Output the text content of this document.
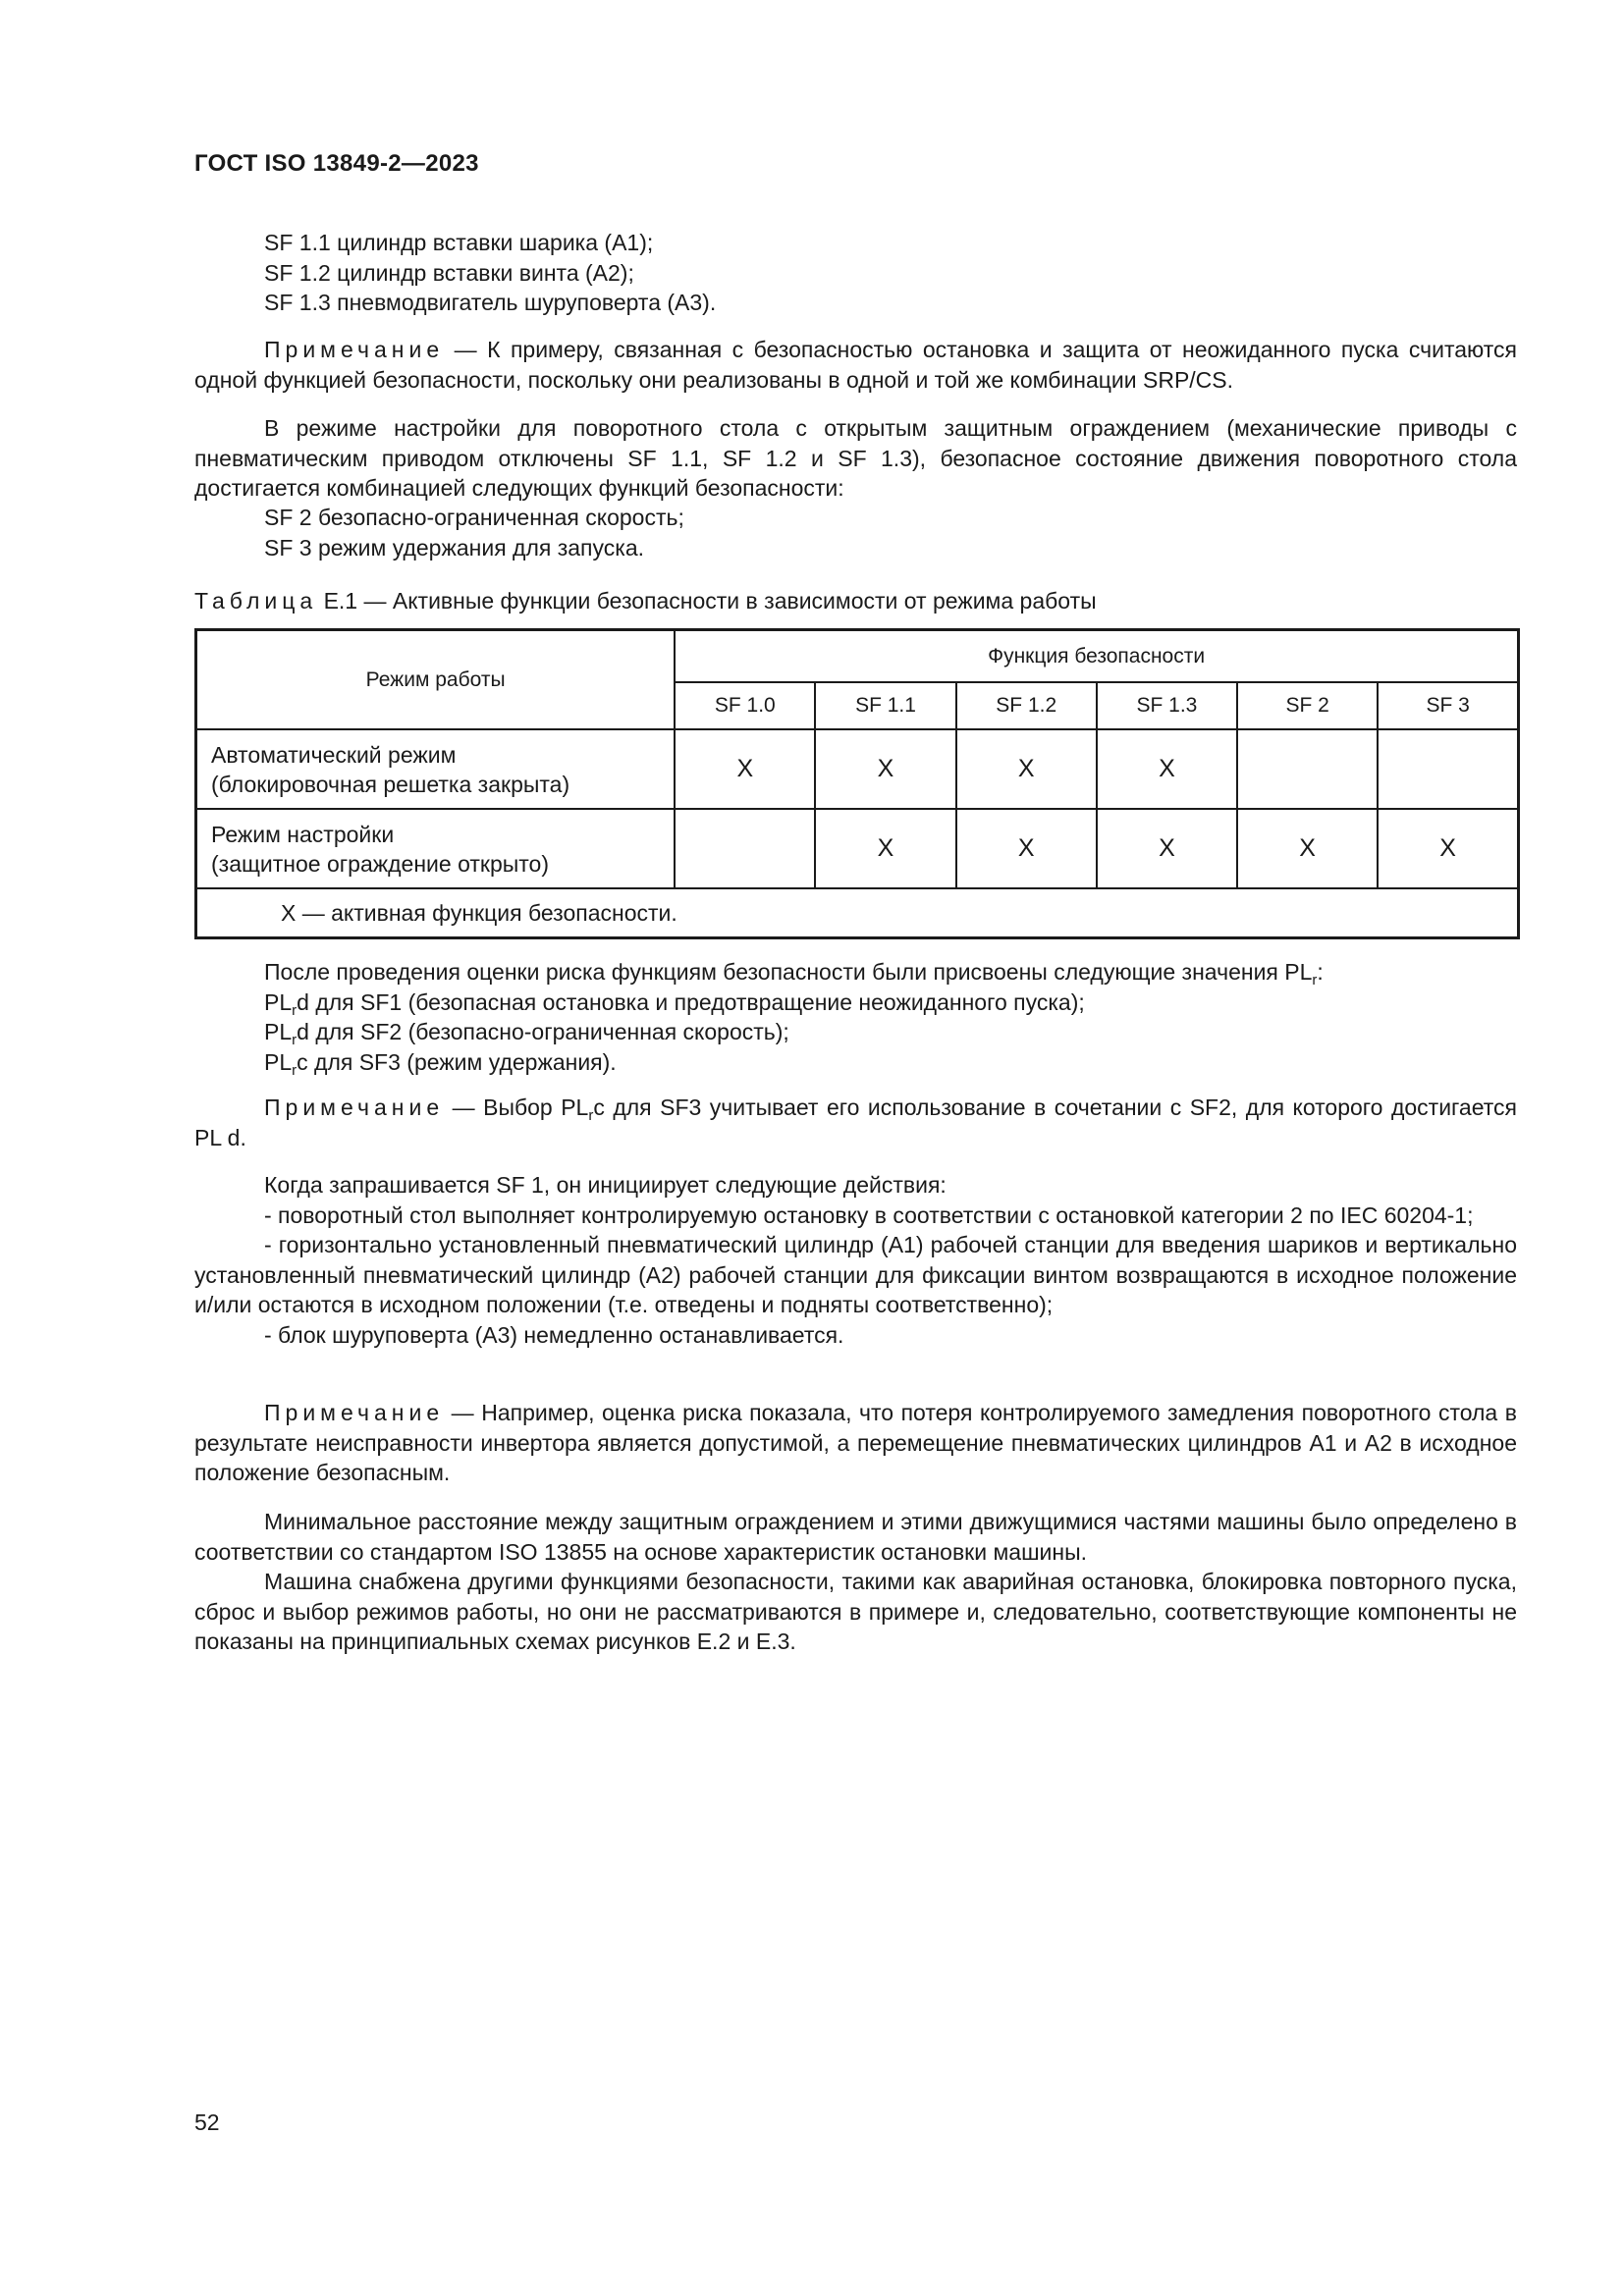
ГОСТ ISO 13849-2—2023
SF 1.1 цилиндр вставки шарика (A1);
SF 1.2 цилиндр вставки винта (A2);
SF 1.3 пневмодвигатель шуруповерта (A3).
Примечание — К примеру, связанная с безопасностью остановка и защита от неожиданного пуска считаются одной функцией безопасности, поскольку они реализованы в одной и той же комбинации SRP/CS.
В режиме настройки для поворотного стола с открытым защитным ограждением (механические приводы с пневматическим приводом отключены SF 1.1, SF 1.2 и SF 1.3), безопасное состояние движения поворотного стола достигается комбинацией следующих функций безопасности:
SF 2 безопасно-ограниченная скорость;
SF 3 режим удержания для запуска.
Таблица E.1 — Активные функции безопасности в зависимости от режима работы
Режим работы	Функция безопасности					
	SF 1.0	SF 1.1	SF 1.2	SF 1.3	SF 2	SF 3

Автоматический режим
(блокировочная решетка закрыта)	X	X	X	X		

Режим настройки
(защитное ограждение открыто)		X	X	X	X	X
X — активная функция безопасности.						
После проведения оценки риска функциям безопасности были присвоены следующие значения $PL_r$:
$PL_rd$ для SF1 (безопасная остановка и предотвращение неожиданного пуска);
$PL_rd$ для SF2 (безопасно-ограниченная скорость);
$PL_rc$ для SF3 (режим удержания).
Примечание — Выбор $PL_rc$ для SF3 учитывает его использование в сочетании с SF2, для которого достигается PL d.
Когда запрашивается SF 1, он инициирует следующие действия:
- поворотный стол выполняет контролируемую остановку в соответствии с остановкой категории 2 по IEC 60204-1;
- горизонтально установленный пневматический цилиндр (A1) рабочей станции для введения шариков и вертикально установленный пневматический цилиндр (A2) рабочей станции для фиксации винтом возвращаются в исходное положение и/или остаются в исходном положении (т.е. отведены и подняты соответственно);
- блок шуруповерта (A3) немедленно останавливается.
Примечание — Например, оценка риска показала, что потеря контролируемого замедления поворотного стола в результате неисправности инвертора является допустимой, а перемещение пневматических цилиндров A1 и A2 в исходное положение безопасным.
Минимальное расстояние между защитным ограждением и этими движущимися частями машины было определено в соответствии со стандартом ISO 13855 на основе характеристик остановки машины.
Машина снабжена другими функциями безопасности, такими как аварийная остановка, блокировка повторного пуска, сброс и выбор режимов работы, но они не рассматриваются в примере и, следовательно, соответствующие компоненты не показаны на принципиальных схемах рисунков E.2 и E.3.
52
